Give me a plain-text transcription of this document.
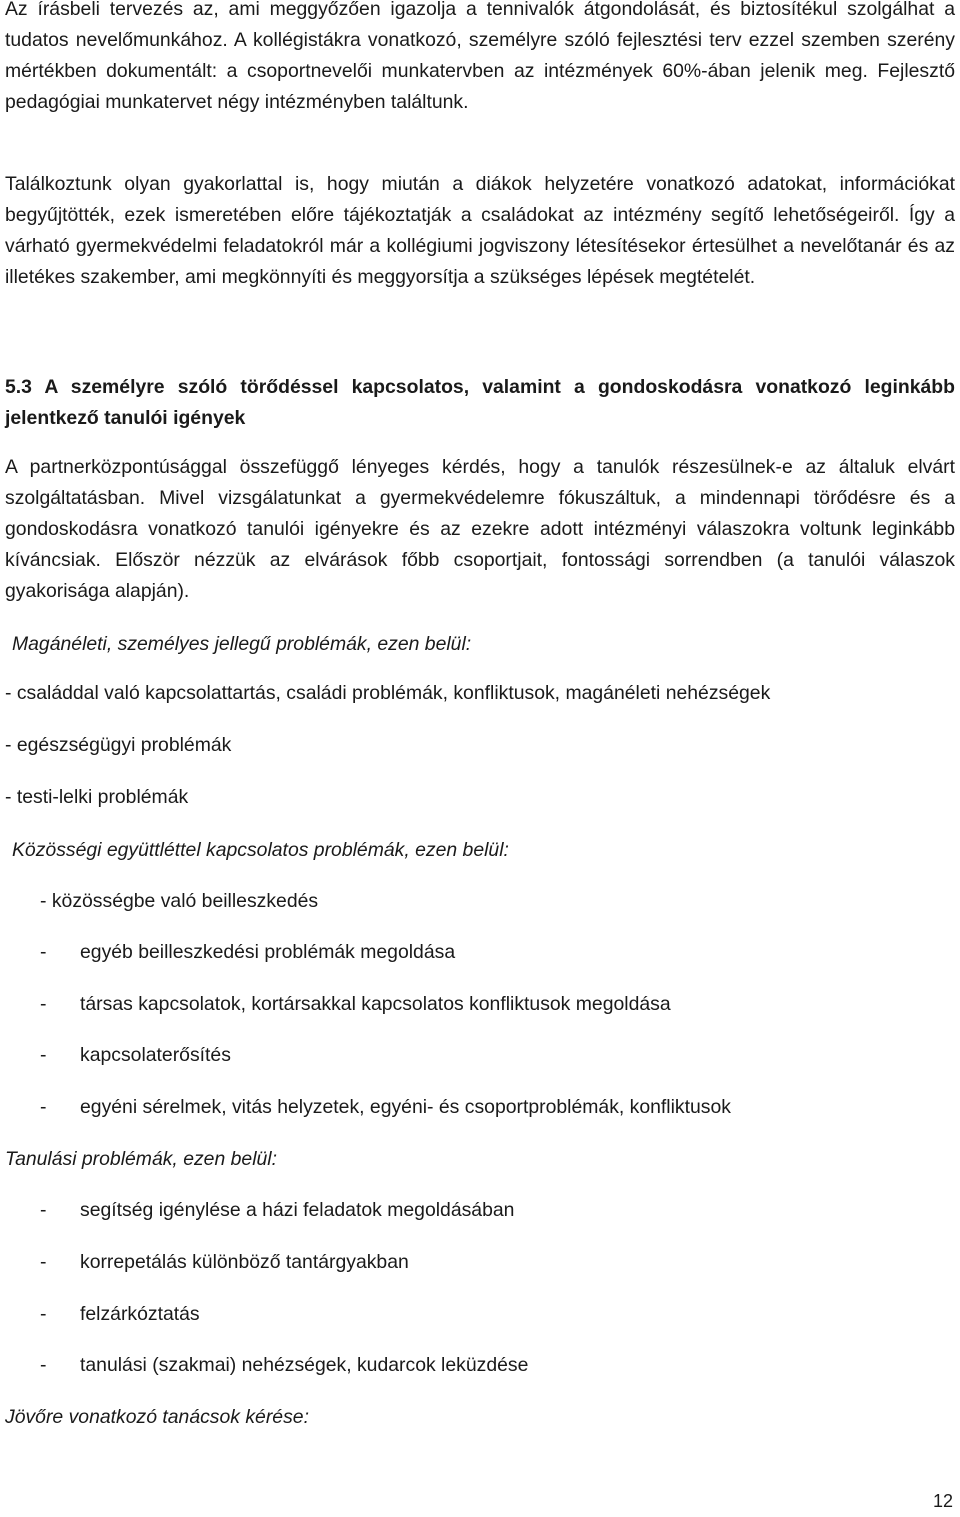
Az írásbeli tervezés az, ami meggyőzően igazolja a tennivalók átgondolását, és biztosítékul szolgálhat a tudatos nevelőmunkához. A kollégistákra vonatkozó, személyre szóló fejlesztési terv ezzel szemben szerény mértékben dokumentált: a csoportnevelői munkatervben az intézmények 60%-ában jelenik meg. Fejlesztő pedagógiai munkatervet négy intézményben találtunk.

Találkoztunk olyan gyakorlattal is, hogy miután a diákok helyzetére vonatkozó adatokat, információkat begyűjtötték, ezek ismeretében előre tájékoztatják a családokat az intézmény segítő lehetőségeiről. Így a várható gyermekvédelmi feladatokról már a kollégiumi jogviszony létesítésekor értesülhet a nevelőtanár és az illetékes szakember, ami megkönnyíti és meggyorsítja a szükséges lépések megtételét.

5.3 A személyre szóló törődéssel kapcsolatos, valamint a gondoskodásra vonatkozó leginkább jelentkező tanulói igények

A partnerközpontúsággal összefüggő lényeges kérdés, hogy a tanulók részesülnek-e az általuk elvárt szolgáltatásban. Mivel vizsgálatunkat a gyermekvédelemre fókuszáltuk, a mindennapi törődésre és a gondoskodásra vonatkozó tanulói igényekre és az ezekre adott intézményi válaszokra voltunk leginkább kíváncsiak. Először nézzük az elvárások főbb csoportjait, fontossági sorrendben (a tanulói válaszok gyakorisága alapján).

Magánéleti, személyes jellegű problémák, ezen belül:

- családdal való kapcsolattartás, családi problémák, konfliktusok, magánéleti nehézségek

- egészségügyi problémák

- testi-lelki problémák

Közösségi együttléttel kapcsolatos problémák, ezen belül:

- közösségbe való beilleszkedés

- egyéb beilleszkedési problémák megoldása
- társas kapcsolatok, kortársakkal kapcsolatos konfliktusok megoldása
- kapcsolaterősítés
- egyéni sérelmek, vitás helyzetek, egyéni- és csoportproblémák, konfliktusok

Tanulási problémák, ezen belül:

- segítség igénylése a házi feladatok megoldásában
- korrepetálás különböző tantárgyakban
- felzárkóztatás
- tanulási (szakmai) nehézségek, kudarcok leküzdése

Jövőre vonatkozó tanácsok kérése:

12
